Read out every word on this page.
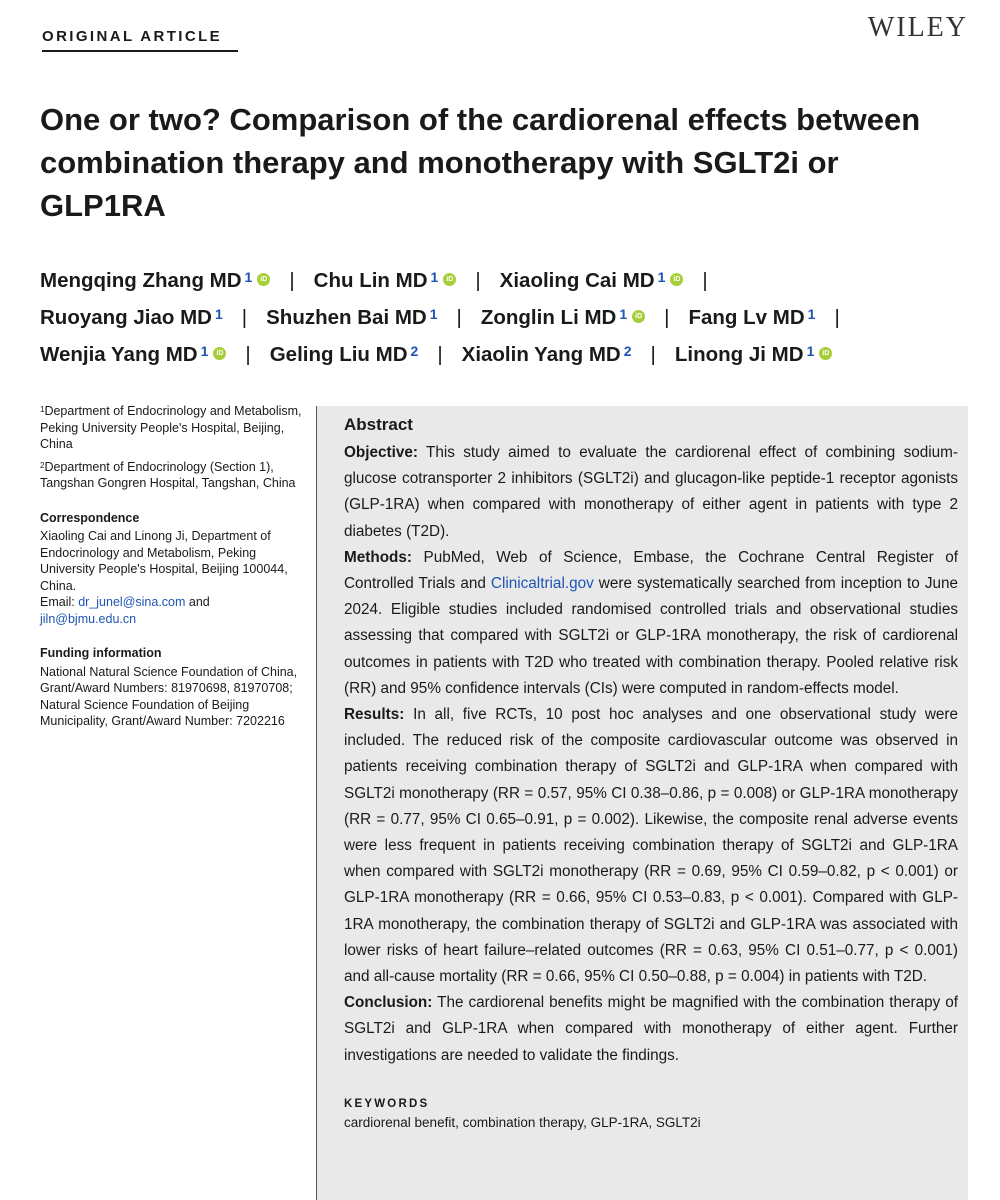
ORIGINAL ARTICLE	WILEY
One or two? Comparison of the cardiorenal effects between combination therapy and monotherapy with SGLT2i or GLP1RA
Mengqing Zhang MD $^1$ iD | Chu Lin MD $^1$ iD | Xiaoling Cai MD $^1$ iD |
Ruoyang Jiao MD $^1$ | Shuzhen Bai MD $^1$ | Zonglin Li MD $^1$ iD | Fang Lv MD $^1$ |
Wenjia Yang MD $^1$ iD | Geling Liu MD $^2$ | Xiaolin Yang MD $^2$ | Linong Ji MD $^1$ iD

$^1$Department of Endocrinology and Metabolism, Peking University People's Hospital, Beijing, China

$^2$Department of Endocrinology (Section 1), Tangshan Gongren Hospital, Tangshan, China

Correspondence

Xiaoling Cai and Linong Ji, Department of Endocrinology and Metabolism, Peking University People's Hospital, Beijing 100044, China.

Email: dr_junel@sina.com and jiln@bjmu.edu.cn

Funding information

National Natural Science Foundation of China, Grant/Award Numbers: 81970698, 81970708; Natural Science Foundation of Beijing Municipality, Grant/Award Number: 7202216

Abstract

Objective: This study aimed to evaluate the cardiorenal effect of combining sodium-glucose cotransporter 2 inhibitors (SGLT2i) and glucagon-like peptide-1 receptor agonists (GLP-1RA) when compared with monotherapy of either agent in patients with type 2 diabetes (T2D).

Methods: PubMed, Web of Science, Embase, the Cochrane Central Register of Controlled Trials and Clinicaltrial.gov were systematically searched from inception to June 2024. Eligible studies included randomised controlled trials and observational studies assessing that compared with SGLT2i or GLP-1RA monotherapy, the risk of cardiorenal outcomes in patients with T2D who treated with combination therapy. Pooled relative risk (RR) and 95% confidence intervals (CIs) were computed in random-effects model.

Results: In all, five RCTs, 10 post hoc analyses and one observational study were included. The reduced risk of the composite cardiovascular outcome was observed in patients receiving combination therapy of SGLT2i and GLP-1RA when compared with SGLT2i monotherapy (RR = 0.57, 95% CI 0.38–0.86, p = 0.008) or GLP-1RA monotherapy (RR = 0.77, 95% CI 0.65–0.91, p = 0.002). Likewise, the composite renal adverse events were less frequent in patients receiving combination therapy of SGLT2i and GLP-1RA when compared with SGLT2i monotherapy (RR = 0.69, 95% CI 0.59–0.82, p < 0.001) or GLP-1RA monotherapy (RR = 0.66, 95% CI 0.53–0.83, p < 0.001). Compared with GLP-1RA monotherapy, the combination therapy of SGLT2i and GLP-1RA was associated with lower risks of heart failure–related outcomes (RR = 0.63, 95% CI 0.51–0.77, p < 0.001) and all-cause mortality (RR = 0.66, 95% CI 0.50–0.88, p = 0.004) in patients with T2D.

Conclusion: The cardiorenal benefits might be magnified with the combination therapy of SGLT2i and GLP-1RA when compared with monotherapy of either agent. Further investigations are needed to validate the findings.

KEYWORDS
cardiorenal benefit, combination therapy, GLP-1RA, SGLT2i
